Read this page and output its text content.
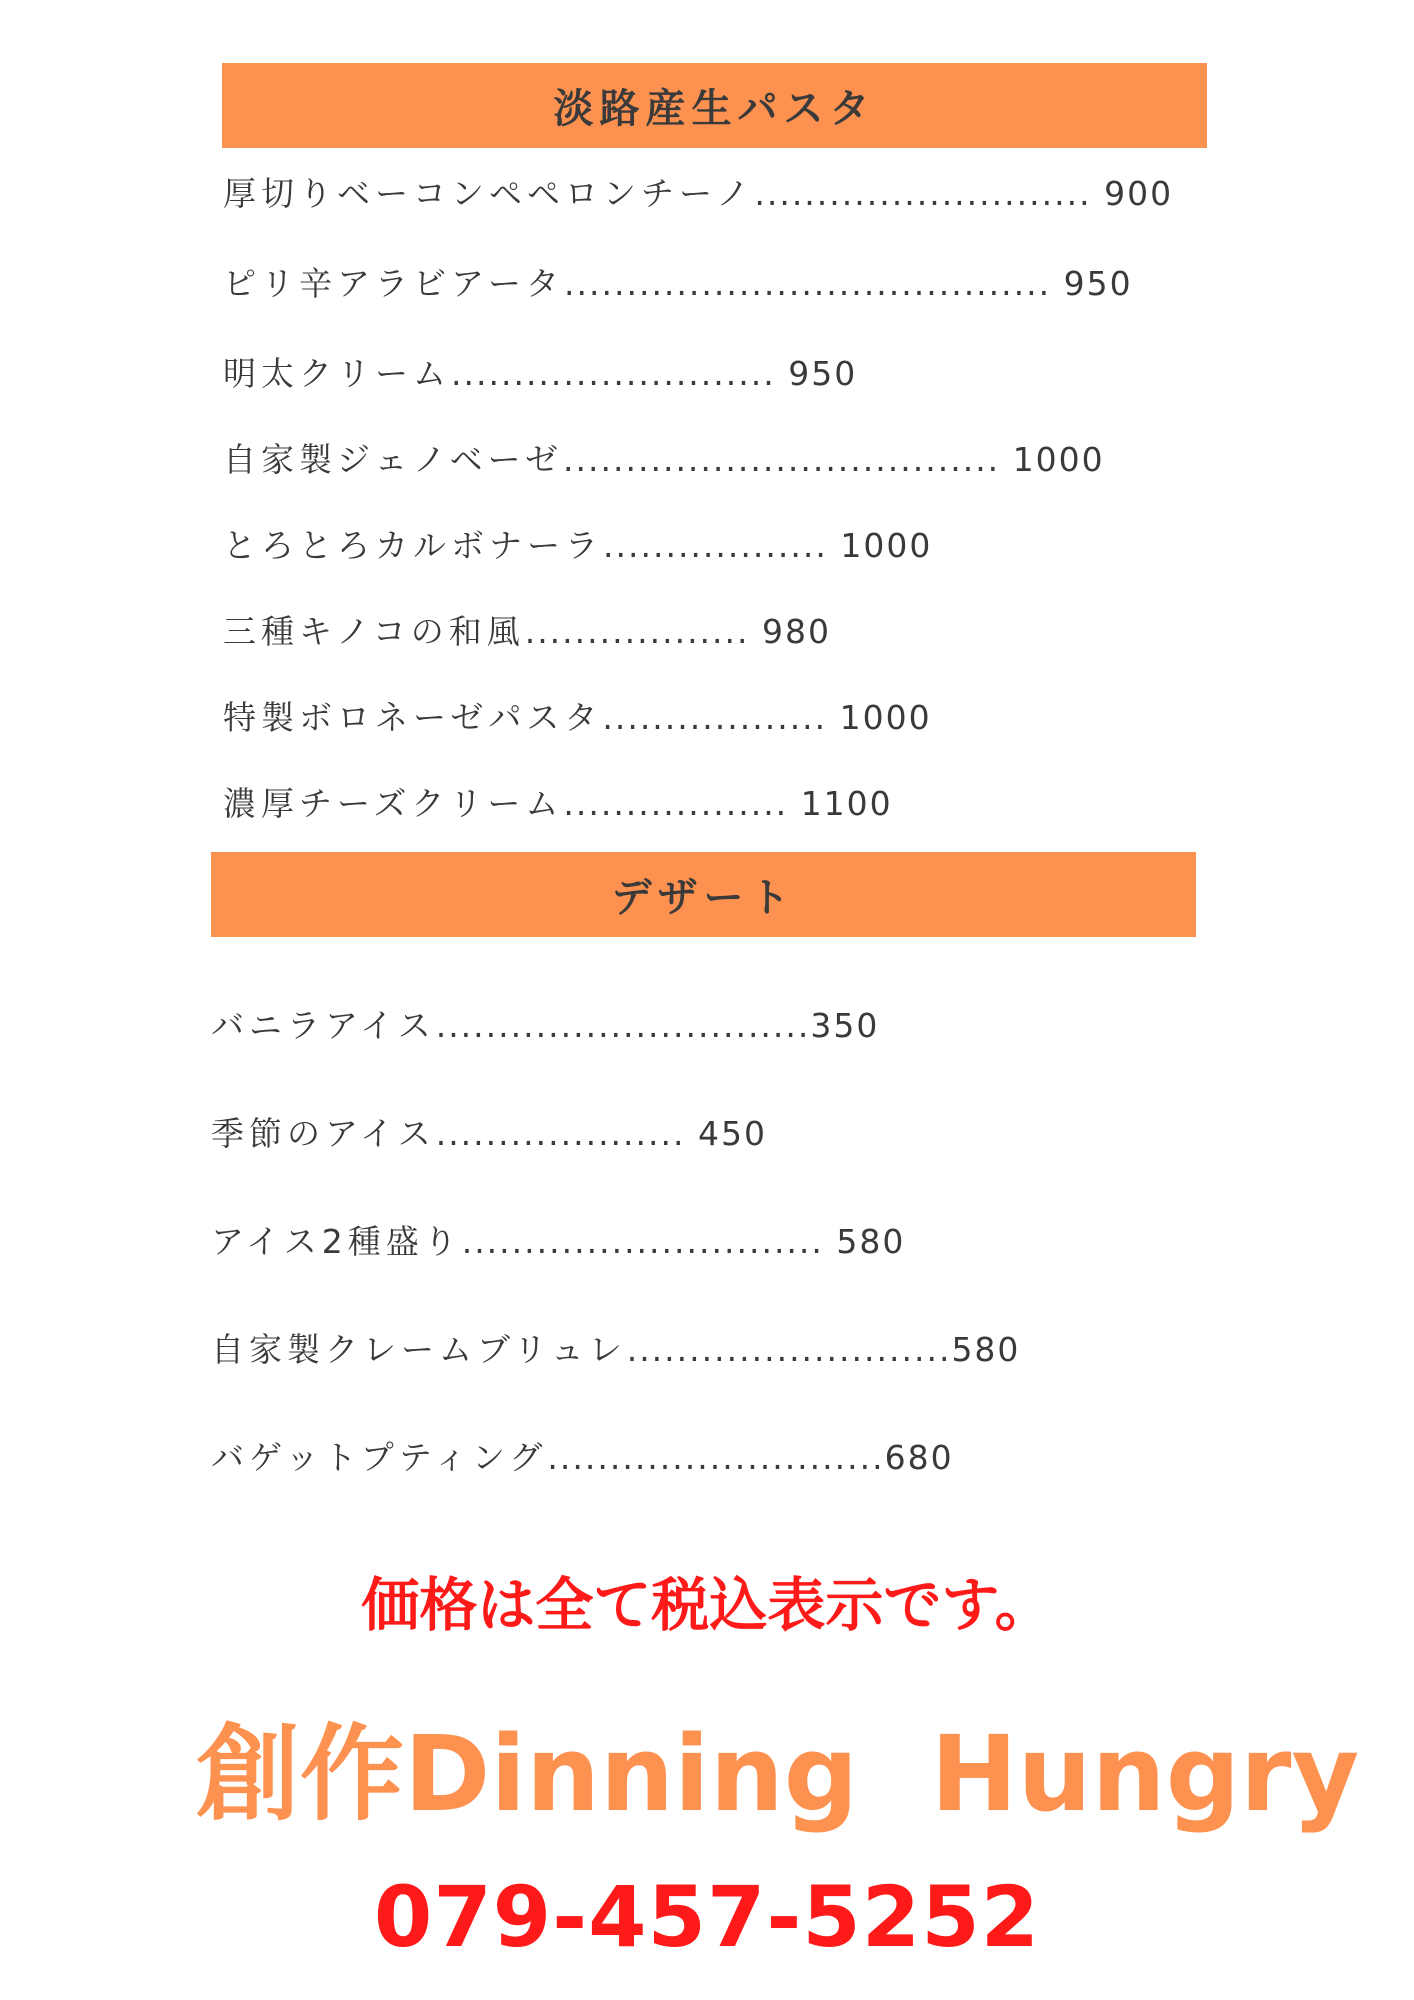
淡路産生パスタ
厚切りベーコンペペロンチーノ........................... 900
ピリ辛アラビアータ....................................... 950
明太クリーム.......................... 950
自家製ジェノベーゼ................................... 1000
とろとろカルボナーラ.................. 1000
三種キノコの和風.................. 980
特製ボロネーゼパスタ.................. 1000
濃厚チーズクリーム.................. 1100
デザート
バニラアイス..............................350
季節のアイス.................... 450
アイス2種盛り............................. 580
自家製クレームブリュレ..........................580
バゲットプティング...........................680
価格は全て税込表示です。
創作Dinning  Hungry
079-457-5252
